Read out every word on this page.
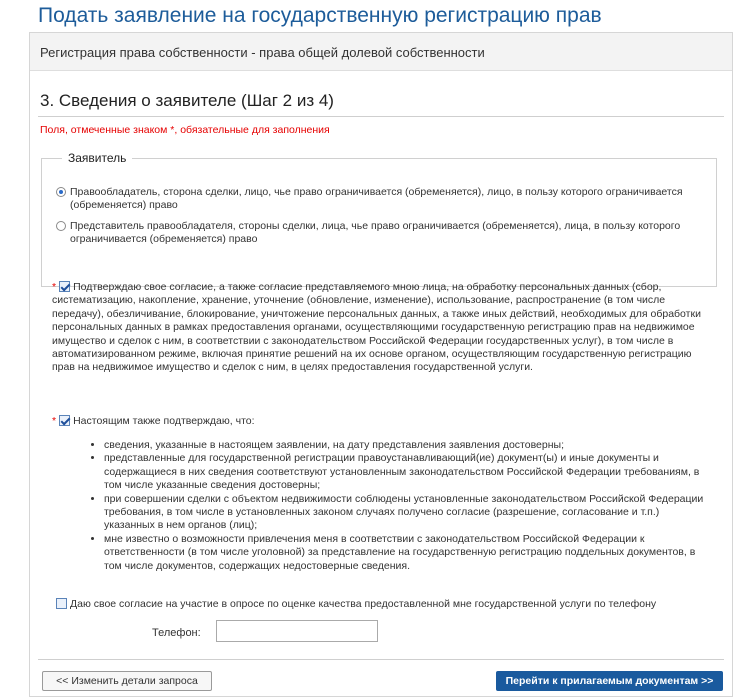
Подать заявление на государственную регистрацию прав
Регистрация права собственности - права общей долевой собственности
3. Сведения о заявителе (Шаг 2 из 4)
Поля, отмеченные знаком *, обязательные для заполнения
Заявитель
Правообладатель, сторона сделки, лицо, чье право ограничивается (обременяется), лицо, в пользу которого ограничивается (обременяется) право
Представитель правообладателя, стороны сделки, лица, чье право ограничивается (обременяется), лица, в пользу которого ограничивается (обременяется) право
* Подтверждаю свое согласие, а также согласие представляемого мною лица, на обработку персональных данных (сбор, систематизацию, накопление, хранение, уточнение (обновление, изменение), использование, распространение (в том числе передачу), обезличивание, блокирование, уничтожение персональных данных, а также иных действий, необходимых для обработки персональных данных в рамках предоставления органами, осуществляющими государственную регистрацию прав на недвижимое имущество и сделок с ним, в соответствии с законодательством Российской Федерации государственных услуг), в том числе в автоматизированном режиме, включая принятие решений на их основе органом, осуществляющим государственную регистрацию прав на недвижимое имущество и сделок с ним, в целях предоставления государственной услуги.
* Настоящим также подтверждаю, что:
• сведения, указанные в настоящем заявлении, на дату представления заявления достоверны;
• представленные для государственной регистрации правоустанавливающий(ие) документ(ы) и иные документы и содержащиеся в них сведения соответствуют установленным законодательством Российской Федерации требованиям, в том числе указанные сведения достоверны;
• при совершении сделки с объектом недвижимости соблюдены установленные законодательством Российской Федерации требования, в том числе в установленных законом случаях получено согласие (разрешение, согласование и т.п.) указанных в нем органов (лиц);
• мне известно о возможности привлечения меня в соответствии с законодательством Российской Федерации к ответственности (в том числе уголовной) за представление на государственную регистрацию поддельных документов, в том числе документов, содержащих недостоверные сведения.
Даю свое согласие на участие в опросе по оценке качества предоставленной мне государственной услуги по телефону
Телефон:
<< Изменить детали запроса	Перейти к прилагаемым документам >>
